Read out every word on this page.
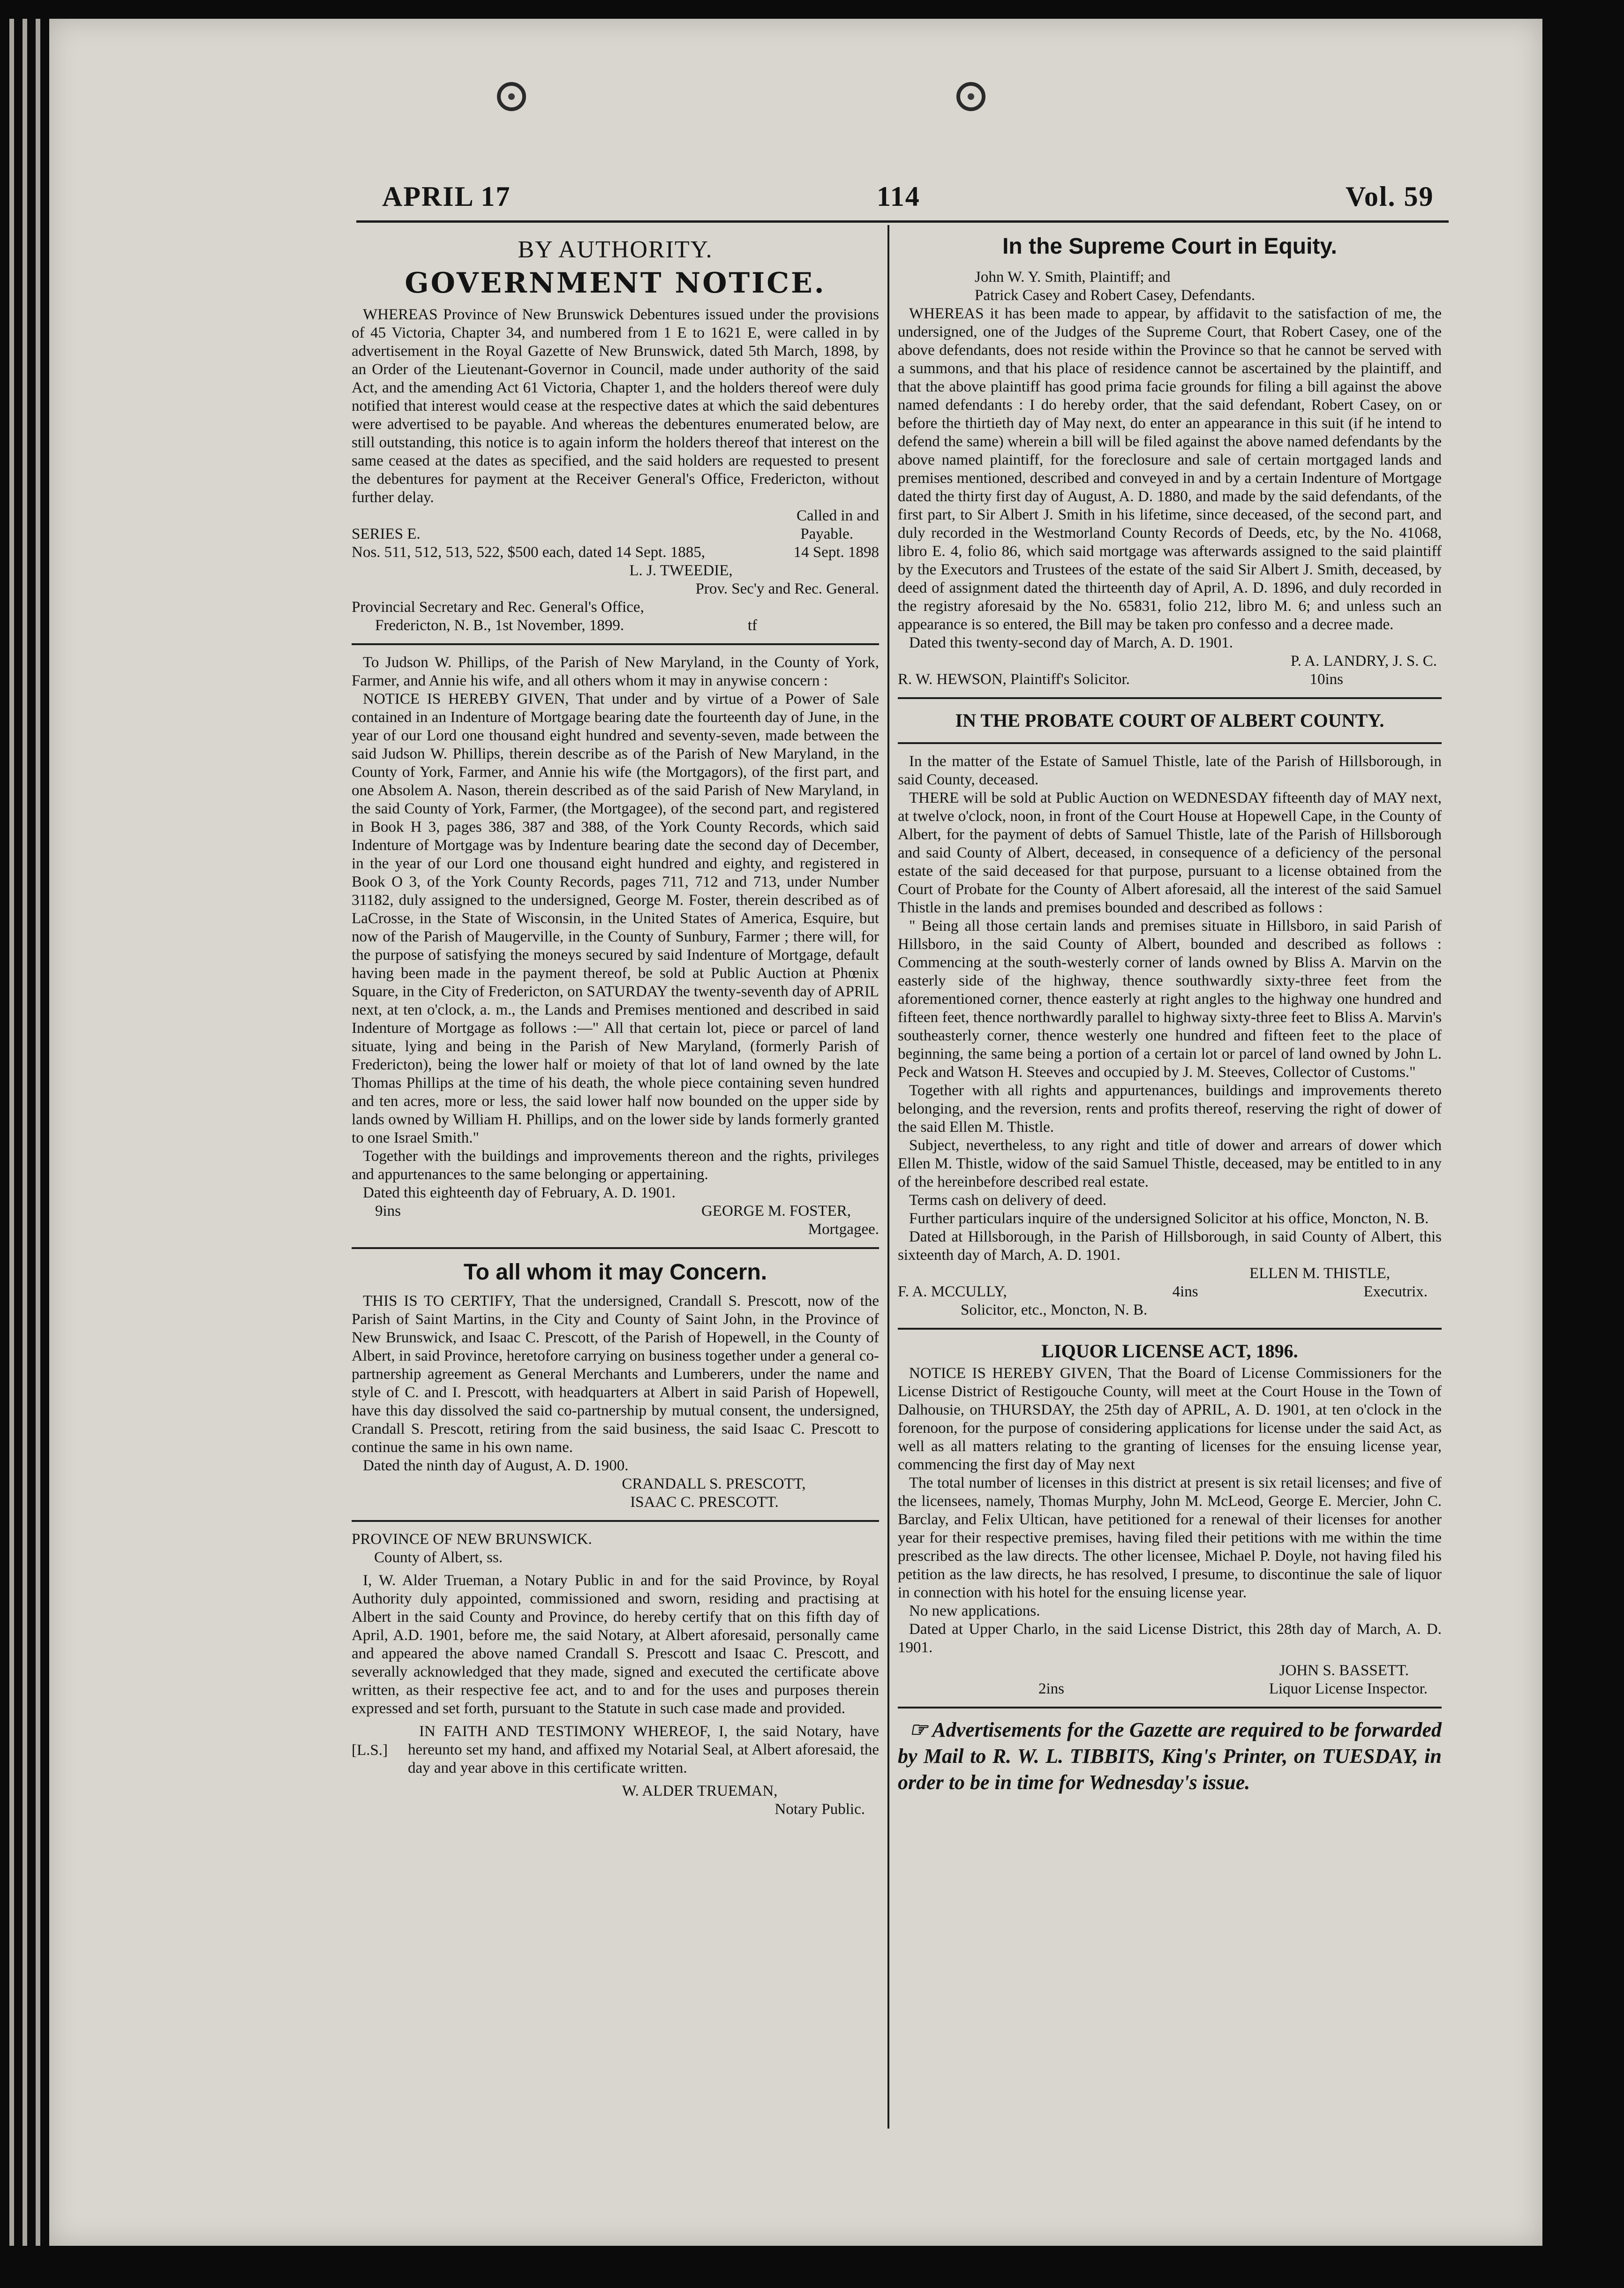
APRIL 17	114	Vol. 59
BY AUTHORITY.
GOVERNMENT NOTICE.

WHEREAS Province of New Brunswick Debentures issued under the provisions of 45 Victoria, Chapter 34, and numbered from 1 E to 1621 E, were called in by advertisement in the Royal Gazette of New Brunswick, dated 5th March, 1898, by an Order of the Lieutenant-Governor in Council, made under authority of the said Act, and the amending Act 61 Victoria, Chapter 1, and the holders thereof were duly notified that interest would cease at the respective dates at which the said debentures were advertised to be payable. And whereas the debentures enumerated below, are still outstanding, this notice is to again inform the holders thereof that interest on the same ceased at the dates as specified, and the said holders are requested to present the debentures for payment at the Receiver General's Office, Fredericton, without further delay.

Called in and

SERIES E.	Payable.
Nos. 511, 512, 513, 522, $500 each, dated 14 Sept. 1885,	14 Sept. 1898

L. J. TWEEDIE,

Prov. Sec'y and Rec. General.

Provincial Secretary and Rec. General's Office,

Fredericton, N. B., 1st November, 1899.	tf

To Judson W. Phillips, of the Parish of New Maryland, in the County of York, Farmer, and Annie his wife, and all others whom it may in anywise concern :

NOTICE IS HEREBY GIVEN, That under and by virtue of a Power of Sale contained in an Indenture of Mortgage bearing date the fourteenth day of June, in the year of our Lord one thousand eight hundred and seventy-seven, made between the said Judson W. Phillips, therein describe as of the Parish of New Maryland, in the County of York, Farmer, and Annie his wife (the Mortgagors), of the first part, and one Absolem A. Nason, therein described as of the said Parish of New Maryland, in the said County of York, Farmer, (the Mortgagee), of the second part, and registered in Book H 3, pages 386, 387 and 388, of the York County Records, which said Indenture of Mortgage was by Indenture bearing date the second day of December, in the year of our Lord one thousand eight hundred and eighty, and registered in Book O 3, of the York County Records, pages 711, 712 and 713, under Number 31182, duly assigned to the undersigned, George M. Foster, therein described as of LaCrosse, in the State of Wisconsin, in the United States of America, Esquire, but now of the Parish of Maugerville, in the County of Sunbury, Farmer ; there will, for the purpose of satisfying the moneys secured by said Indenture of Mortgage, default having been made in the payment thereof, be sold at Public Auction at Phœnix Square, in the City of Fredericton, on SATURDAY the twenty-seventh day of APRIL next, at ten o'clock, a. m., the Lands and Premises mentioned and described in said Indenture of Mortgage as follows :—" All that certain lot, piece or parcel of land situate, lying and being in the Parish of New Maryland, (formerly Parish of Fredericton), being the lower half or moiety of that lot of land owned by the late Thomas Phillips at the time of his death, the whole piece containing seven hundred and ten acres, more or less, the said lower half now bounded on the upper side by lands owned by William H. Phillips, and on the lower side by lands formerly granted to one Israel Smith."

Together with the buildings and improvements thereon and the rights, privileges and appurtenances to the same belonging or appertaining.

Dated this eighteenth day of February, A. D. 1901.

9ins	GEORGE M. FOSTER,

Mortgagee.

To all whom it may Concern.

THIS IS TO CERTIFY, That the undersigned, Crandall S. Prescott, now of the Parish of Saint Martins, in the City and County of Saint John, in the Province of New Brunswick, and Isaac C. Prescott, of the Parish of Hopewell, in the County of Albert, in said Province, heretofore carrying on business together under a general co-partnership agreement as General Merchants and Lumberers, under the name and style of C. and I. Prescott, with headquarters at Albert in said Parish of Hopewell, have this day dissolved the said co-partnership by mutual consent, the undersigned, Crandall S. Prescott, retiring from the said business, the said Isaac C. Prescott to continue the same in his own name.

Dated the ninth day of August, A. D. 1900.

CRANDALL S. PRESCOTT,

ISAAC C. PRESCOTT.

PROVINCE OF NEW BRUNSWICK.

County of Albert, ss.

I, W. Alder Trueman, a Notary Public in and for the said Province, by Royal Authority duly appointed, commissioned and sworn, residing and practising at Albert in the said County and Province, do hereby certify that on this fifth day of April, A.D. 1901, before me, the said Notary, at Albert aforesaid, personally came and appeared the above named Crandall S. Prescott and Isaac C. Prescott, and severally acknowledged that they made, signed and executed the certificate above written, as their respective fee act, and to and for the uses and purposes therein expressed and set forth, pursuant to the Statute in such case made and provided.

[L.S.]

IN FAITH AND TESTIMONY WHEREOF, I, the said Notary, have hereunto set my hand, and affixed my Notarial Seal, at Albert aforesaid, the day and year above in this certificate written.

W. ALDER TRUEMAN,

Notary Public.

In the Supreme Court in Equity.

John W. Y. Smith, Plaintiff; and

Patrick Casey and Robert Casey, Defendants.

WHEREAS it has been made to appear, by affidavit to the satisfaction of me, the undersigned, one of the Judges of the Supreme Court, that Robert Casey, one of the above defendants, does not reside within the Province so that he cannot be served with a summons, and that his place of residence cannot be ascertained by the plaintiff, and that the above plaintiff has good prima facie grounds for filing a bill against the above named defendants : I do hereby order, that the said defendant, Robert Casey, on or before the thirtieth day of May next, do enter an appearance in this suit (if he intend to defend the same) wherein a bill will be filed against the above named defendants by the above named plaintiff, for the foreclosure and sale of certain mortgaged lands and premises mentioned, described and conveyed in and by a certain Indenture of Mortgage dated the thirty first day of August, A. D. 1880, and made by the said defendants, of the first part, to Sir Albert J. Smith in his lifetime, since deceased, of the second part, and duly recorded in the Westmorland County Records of Deeds, etc, by the No. 41068, libro E. 4, folio 86, which said mortgage was afterwards assigned to the said plaintiff by the Executors and Trustees of the estate of the said Sir Albert J. Smith, deceased, by deed of assignment dated the thirteenth day of April, A. D. 1896, and duly recorded in the registry aforesaid by the No. 65831, folio 212, libro M. 6; and unless such an appearance is so entered, the Bill may be taken pro confesso and a decree made.

Dated this twenty-second day of March, A. D. 1901.

P. A. LANDRY, J. S. C.

R. W. HEWSON, Plaintiff's Solicitor.	10ins
IN THE PROBATE COURT OF ALBERT COUNTY.

In the matter of the Estate of Samuel Thistle, late of the Parish of Hillsborough, in said County, deceased.

THERE will be sold at Public Auction on WEDNESDAY fifteenth day of MAY next, at twelve o'clock, noon, in front of the Court House at Hopewell Cape, in the County of Albert, for the payment of debts of Samuel Thistle, late of the Parish of Hillsborough and said County of Albert, deceased, in consequence of a deficiency of the personal estate of the said deceased for that purpose, pursuant to a license obtained from the Court of Probate for the County of Albert aforesaid, all the interest of the said Samuel Thistle in the lands and premises bounded and described as follows :

" Being all those certain lands and premises situate in Hillsboro, in said Parish of Hillsboro, in the said County of Albert, bounded and described as follows : Commencing at the south-westerly corner of lands owned by Bliss A. Marvin on the easterly side of the highway, thence southwardly sixty-three feet from the aforementioned corner, thence easterly at right angles to the highway one hundred and fifteen feet, thence northwardly parallel to highway sixty-three feet to Bliss A. Marvin's southeasterly corner, thence westerly one hundred and fifteen feet to the place of beginning, the same being a portion of a certain lot or parcel of land owned by John L. Peck and Watson H. Steeves and occupied by J. M. Steeves, Collector of Customs."

Together with all rights and appurtenances, buildings and improvements thereto belonging, and the reversion, rents and profits thereof, reserving the right of dower of the said Ellen M. Thistle.

Subject, nevertheless, to any right and title of dower and arrears of dower which Ellen M. Thistle, widow of the said Samuel Thistle, deceased, may be entitled to in any of the hereinbefore described real estate.

Terms cash on delivery of deed.

Further particulars inquire of the undersigned Solicitor at his office, Moncton, N. B.

Dated at Hillsborough, in the Parish of Hillsborough, in said County of Albert, this sixteenth day of March, A. D. 1901.

ELLEN M. THISTLE,

F. A. MCCULLY,	4ins	Executrix.

Solicitor, etc., Moncton, N. B.

LIQUOR LICENSE ACT, 1896.

NOTICE IS HEREBY GIVEN, That the Board of License Commissioners for the License District of Restigouche County, will meet at the Court House in the Town of Dalhousie, on THURSDAY, the 25th day of APRIL, A. D. 1901, at ten o'clock in the forenoon, for the purpose of considering applications for license under the said Act, as well as all matters relating to the granting of licenses for the ensuing license year, commencing the first day of May next

The total number of licenses in this district at present is six retail licenses; and five of the licensees, namely, Thomas Murphy, John M. McLeod, George E. Mercier, John C. Barclay, and Felix Ultican, have petitioned for a renewal of their licenses for another year for their respective premises, having filed their petitions with me within the time prescribed as the law directs. The other licensee, Michael P. Doyle, not having filed his petition as the law directs, he has resolved, I presume, to discontinue the sale of liquor in connection with his hotel for the ensuing license year.

No new applications.

Dated at Upper Charlo, in the said License District, this 28th day of March, A. D. 1901.

JOHN S. BASSETT.

2ins	Liquor License Inspector.

☞ Advertisements for the Gazette are required to be forwarded by Mail to R. W. L. TIBBITS, King's Printer, on TUESDAY, in order to be in time for Wednesday's issue.
